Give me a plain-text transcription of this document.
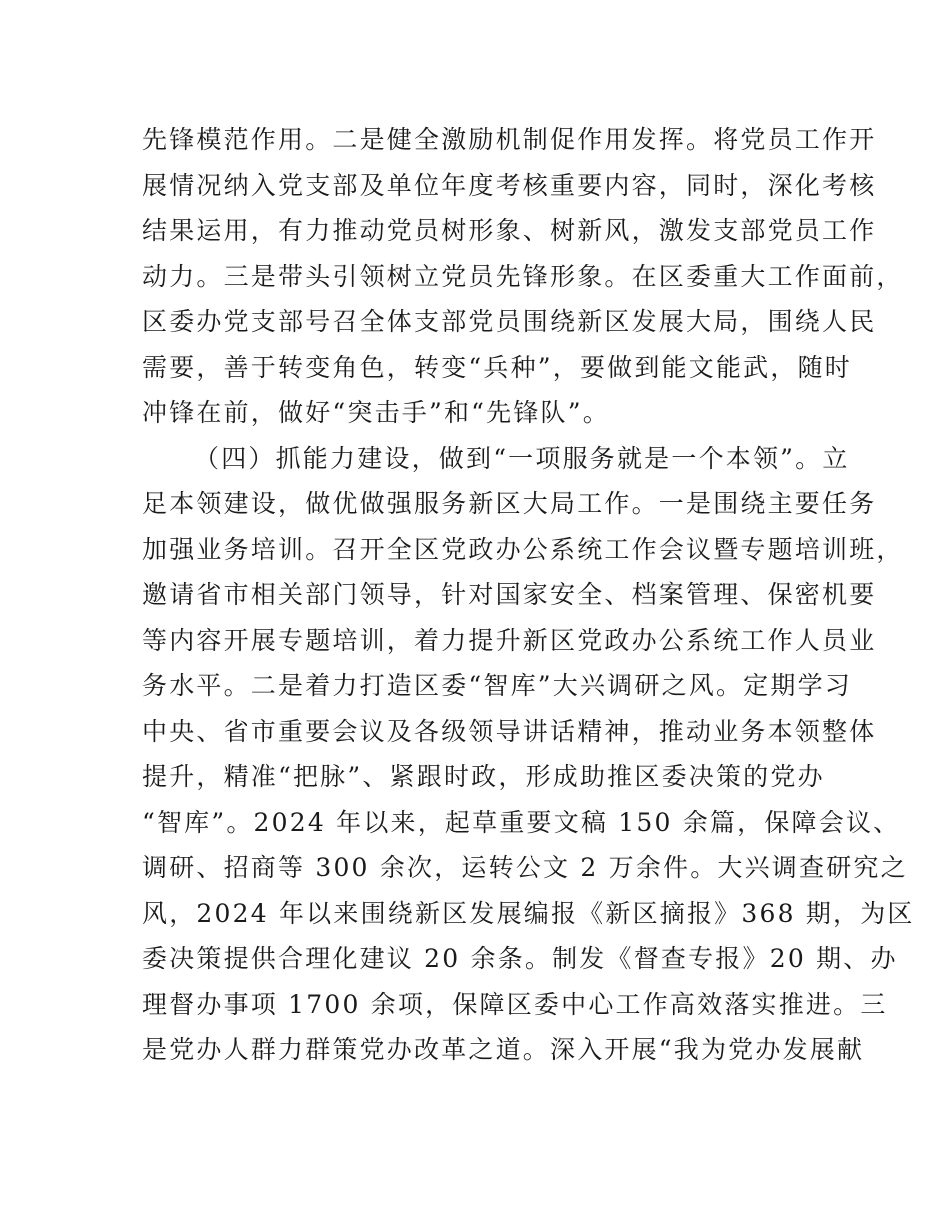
先锋模范作用。二是健全激励机制促作用发挥。将党员工作开
展情况纳入党支部及单位年度考核重要内容，同时，深化考核
结果运用，有力推动党员树形象、树新风，激发支部党员工作
动力。三是带头引领树立党员先锋形象。在区委重大工作面前，
区委办党支部号召全体支部党员围绕新区发展大局，围绕人民
需要，善于转变角色，转变“兵种”，要做到能文能武，随时
冲锋在前，做好“突击手”和“先锋队”。
（四）抓能力建设，做到“一项服务就是一个本领”。立
足本领建设，做优做强服务新区大局工作。一是围绕主要任务
加强业务培训。召开全区党政办公系统工作会议暨专题培训班，
邀请省市相关部门领导，针对国家安全、档案管理、保密机要
等内容开展专题培训，着力提升新区党政办公系统工作人员业
务水平。二是着力打造区委“智库”大兴调研之风。定期学习
中央、省市重要会议及各级领导讲话精神，推动业务本领整体
提升，精准“把脉”、紧跟时政，形成助推区委决策的党办
“智库”。2024 年以来，起草重要文稿 150 余篇，保障会议、
调研、招商等 300 余次，运转公文 2 万余件。大兴调查研究之
风，2024 年以来围绕新区发展编报《新区摘报》368 期，为区
委决策提供合理化建议 20 余条。制发《督查专报》20 期、办
理督办事项 1700 余项，保障区委中心工作高效落实推进。三
是党办人群力群策党办改革之道。深入开展“我为党办发展献
